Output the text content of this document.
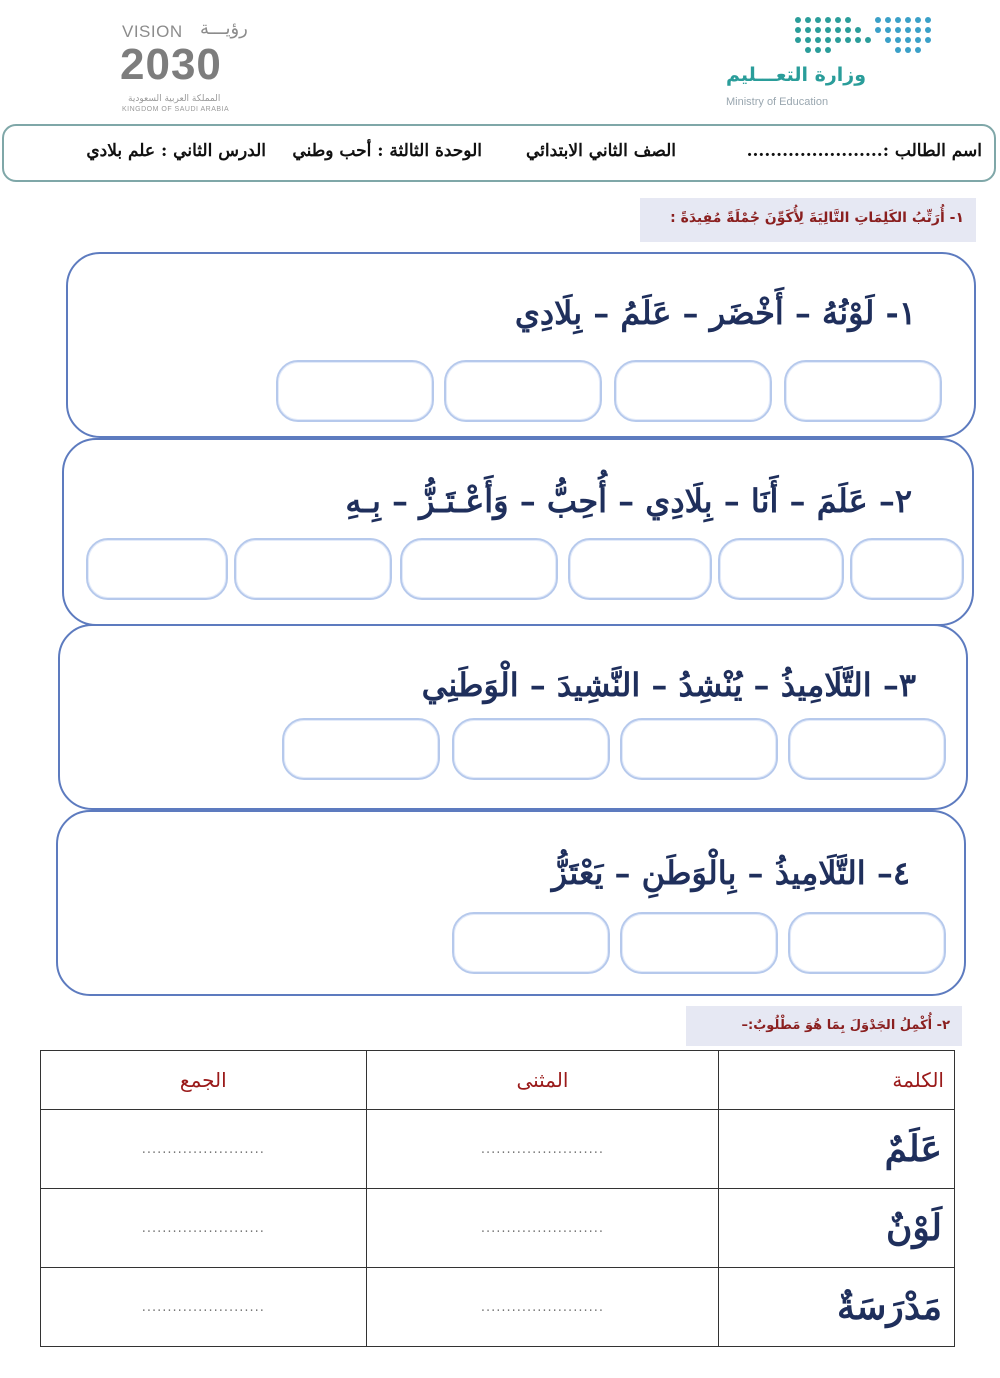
VISION رؤيـــة
2030
المملكة العربية السعودية
KINGDOM OF SAUDI ARABIA
وزارة التعـــليم
Ministry of Education
اسم الطالب :.......................
الصف الثاني الابتدائي
الوحدة الثالثة : أحب وطني
الدرس الثاني : علم بلادي
١- أُرَتِّبُ الكَلِمَاتِ التَّالِيَةَ لِأُكَوِّنَ جُمْلَةً مُفِيدَةً :
١- لَوْنُهُ – أَخْضَر – عَلَمُ – بِلَادِي
٢– عَلَمَ – أَنَا – بِلَادِي – أُحِبُّ – وَأَعْـتَـزُّ – بِـهِ
٣– التَّلَامِيذُ – يُنْشِدُ – النَّشِيدَ – الْوَطَنِي
٤– التَّلَامِيذُ – بِالْوَطَنِ – يَعْتَزُّ
٢- أُكْمِلُ الجَدْوَلَ بِمَا هُوَ مَطْلُوبٌ:–
الجمع	المثنى	الكلمة
........................	........................	عَلَمٌ
........................	........................	لَوْنٌ
........................	........................	مَدْرَسَةٌ
